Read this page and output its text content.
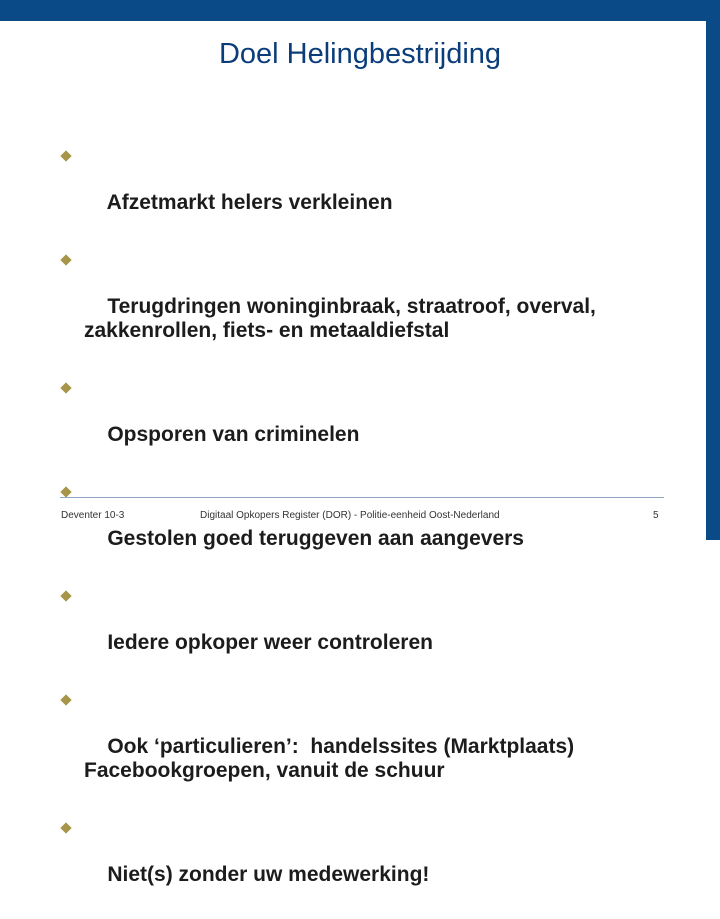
Doel Helingbestrijding

Afzetmarkt helers verkleinen

Terugdringen woninginbraak, straatroof, overval,
zakkenrollen, fiets- en metaaldiefstal

Opsporen van criminelen

Gestolen goed teruggeven aan aangevers

Iedere opkoper weer controleren

Ook ‘particulieren’:  handelssites (Marktplaats)
Facebookgroepen, vanuit de schuur

Niet(s) zonder uw medewerking!

Deventer 10-3	Digitaal Opkopers Register (DOR) - Politie-eenheid Oost-Nederland	5
